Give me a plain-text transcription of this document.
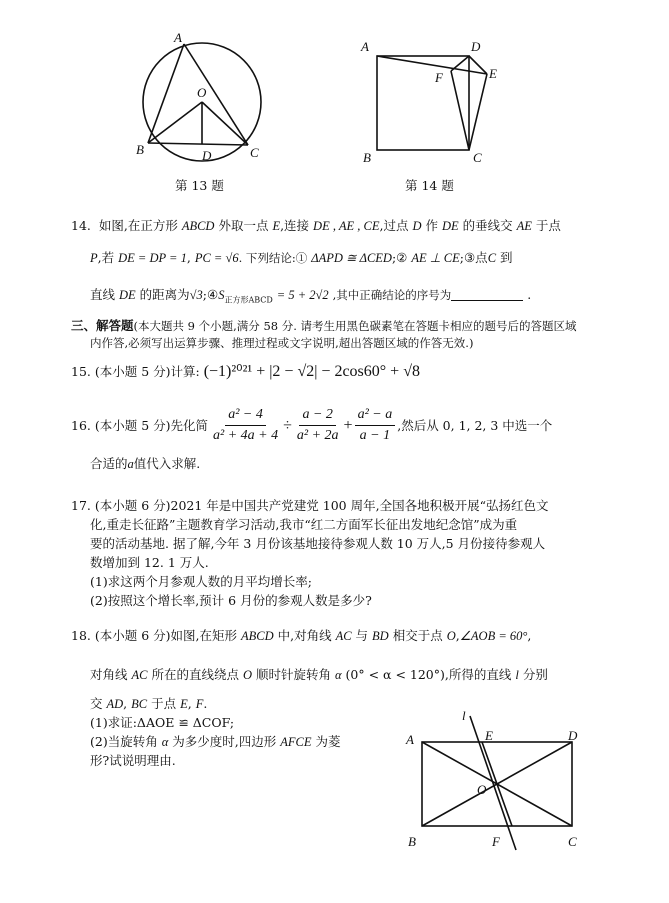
A
O
B	D	C
第 13 题
A	D
F	E
B	C
第 14 题
14. 如图,在正方形 ABCD 外取一点 E,连接 DE , AE , CE,过点 D 作 DE 的垂线交 AE 于点
P,若 DE = DP = 1, PC = √6. 下列结论:① ΔAPD ≅ ΔCED;② AE ⊥ CE;③点C 到
直线 DE 的距离为$√3;④S_{正方形ABCD} = 5 + 2√2$ ,其中正确结论的序号为	.
三、解答题(本大题共 9 个小题,满分 58 分. 请考生用黑色碳素笔在答题卡相应的题号后的答题区域
内作答,必须写出运算步骤、推理过程或文字说明,超出答题区域的作答无效.)
15. (本小题 5 分)计算: (−1)²⁰²¹ + |2 − √2| − 2cos60° + √8
16. (本小题 5 分)先化简 $\frac{\text{a² − 4}}{\text{a² + 4a + 4}} \div \frac{a - 2}{\text{a² + 2a}} + \frac{\text{a² − a}}{a - 1}$ ,然后从 0, 1, 2, 3 中选一个
合适的a值代入求解.
17. (本小题 6 分)2021 年是中国共产党建党 100 周年,全国各地积极开展“弘扬红色文
化,重走长征路”主题教育学习活动,我市“红二方面军长征出发地纪念馆”成为重
要的活动基地. 据了解,今年 3 月份该基地接待参观人数 10 万人,5 月份接待参观人
数增加到 12. 1 万人.
(1)求这两个月参观人数的月平均增长率;
(2)按照这个增长率,预计 6 月份的参观人数是多少?
18. (本小题 6 分)如图,在矩形 ABCD 中,对角线 AC 与 BD 相交于点 O,∠AOB = 60°,
对角线 AC 所在的直线绕点 O 顺时针旋转角 α (0° < α < 120°),所得的直线 l 分别
交 AD, BC 于点 E, F.
(1)求证:ΔAOE ≌ ΔCOF;
(2)当旋转角 α 为多少度时,四边形 AFCE 为菱
形?试说明理由.
l
A	E	D
O
B	F	C
